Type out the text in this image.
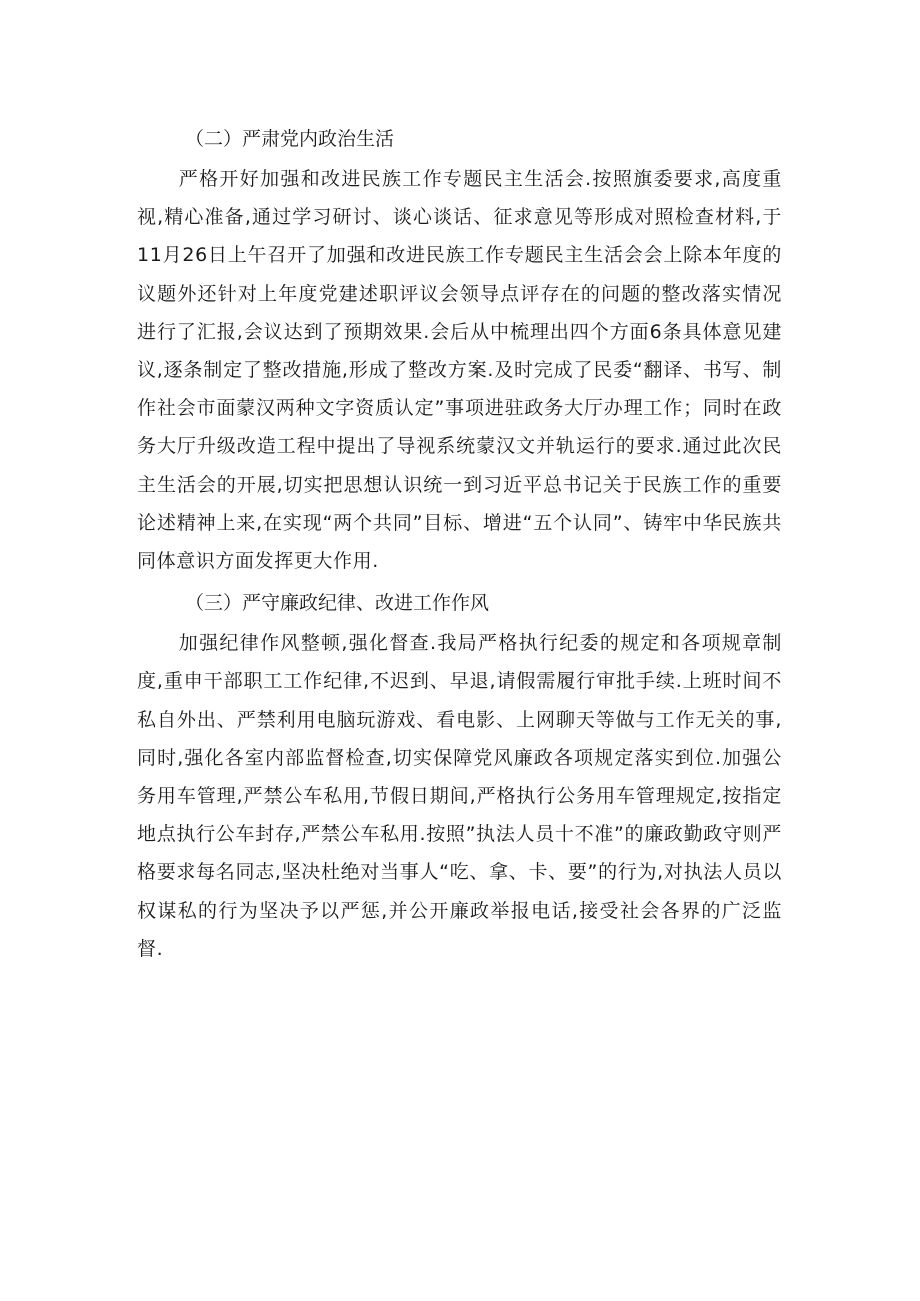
（二）严肃党内政治生活

严格开好加强和改进民族工作专题民主生活会.按照旗委要求,高度重视,精心准备,通过学习研讨、谈心谈话、征求意见等形成对照检查材料,于11月26日上午召开了加强和改进民族工作专题民主生活会会上除本年度的议题外还针对上年度党建述职评议会领导点评存在的问题的整改落实情况进行了汇报,会议达到了预期效果.会后从中梳理出四个方面6条具体意见建议,逐条制定了整改措施,形成了整改方案.及时完成了民委“翻译、书写、制作社会市面蒙汉两种文字资质认定”事项进驻政务大厅办理工作；同时在政务大厅升级改造工程中提出了导视系统蒙汉文并轨运行的要求.通过此次民主生活会的开展,切实把思想认识统一到习近平总书记关于民族工作的重要论述精神上来,在实现“两个共同”目标、增进“五个认同”、铸牢中华民族共同体意识方面发挥更大作用.

（三）严守廉政纪律、改进工作作风

加强纪律作风整顿,强化督查.我局严格执行纪委的规定和各项规章制度,重申干部职工工作纪律,不迟到、早退,请假需履行审批手续.上班时间不私自外出、严禁利用电脑玩游戏、看电影、上网聊天等做与工作无关的事,同时,强化各室内部监督检查,切实保障党风廉政各项规定落实到位.加强公务用车管理,严禁公车私用,节假日期间,严格执行公务用车管理规定,按指定地点执行公车封存,严禁公车私用.按照”执法人员十不准”的廉政勤政守则严格要求每名同志,坚决杜绝对当事人“吃、拿、卡、要”的行为,对执法人员以权谋私的行为坚决予以严惩,并公开廉政举报电话,接受社会各界的广泛监督.
